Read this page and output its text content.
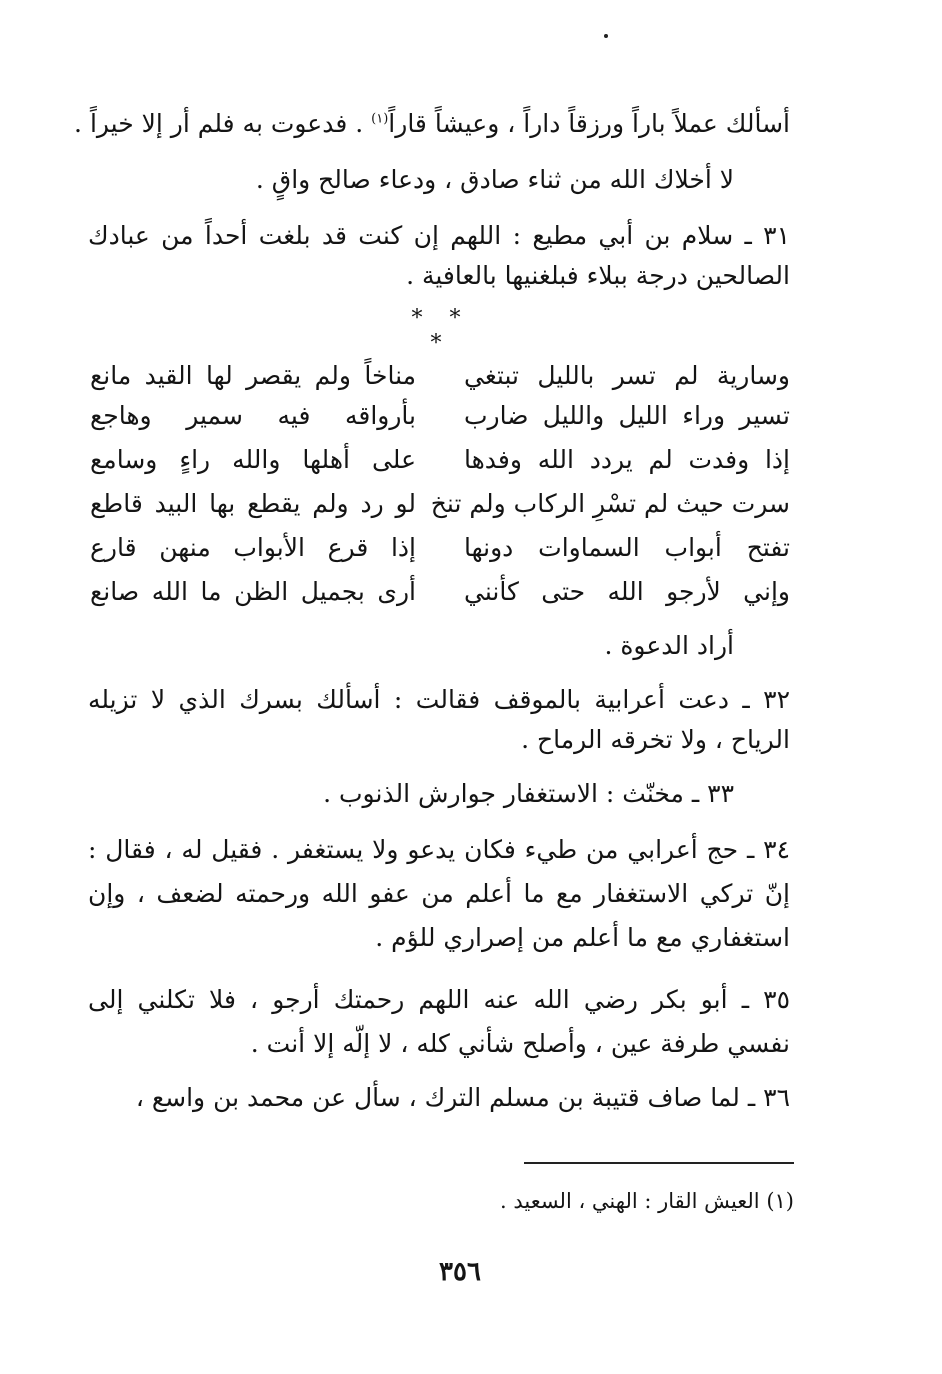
أسألك عملاً باراً ورزقاً داراً ، وعيشاً قاراً$^{(١)}$ . فدعوت به فلم أر إلا خيراً .
لا أخلاك الله من ثناء صادق ، ودعاء صالح واقٍ .
٣١ ـ سلام بن أبي مطيع : اللهم إن كنت قد بلغت أحداً من عبادك
الصالحين درجة ببلاء فبلغنيها بالعافية .
* * *
وسارية لم تسر بالليل تبتغي
مناخاً ولم يقصر لها القيد مانع
تسير وراء الليل والليل ضارب
بأرواقه فيه سمير وهاجع
إذا وفدت لم يردد الله وفدها
على أهلها والله راءٍ وسامع
سرت حيث لم تسْرِ الركاب ولم تنخ
لو رد ولم يقطع بها البيد قاطع
تفتح أبواب السماوات دونها
إذا قرع الأبواب منهن قارع
وإني لأرجو الله حتى كأنني
أرى بجميل الظن ما الله صانع
أراد الدعوة .
٣٢ ـ دعت أعرابية بالموقف فقالت : أسألك بسرك الذي لا تزيله
الرياح ، ولا تخرقه الرماح .
٣٣ ـ مخنّث : الاستغفار جوارش الذنوب .
٣٤ ـ حج أعرابي من طيء فكان يدعو ولا يستغفر . فقيل له ، فقال :
إنّ تركي الاستغفار مع ما أعلم من عفو الله ورحمته لضعف ، وإن
استغفاري مع ما أعلم من إصراري للؤم .
٣٥ ـ أبو بكر رضي الله عنه اللهم رحمتك أرجو ، فلا تكلني إلى
نفسي طرفة عين ، وأصلح شأني كله ، لا إلّه إلا أنت .
٣٦ ـ لما صاف قتيبة بن مسلم الترك ، سأل عن محمد بن واسع ،
(١) العيش القار : الهني ، السعيد .
٣٥٦
